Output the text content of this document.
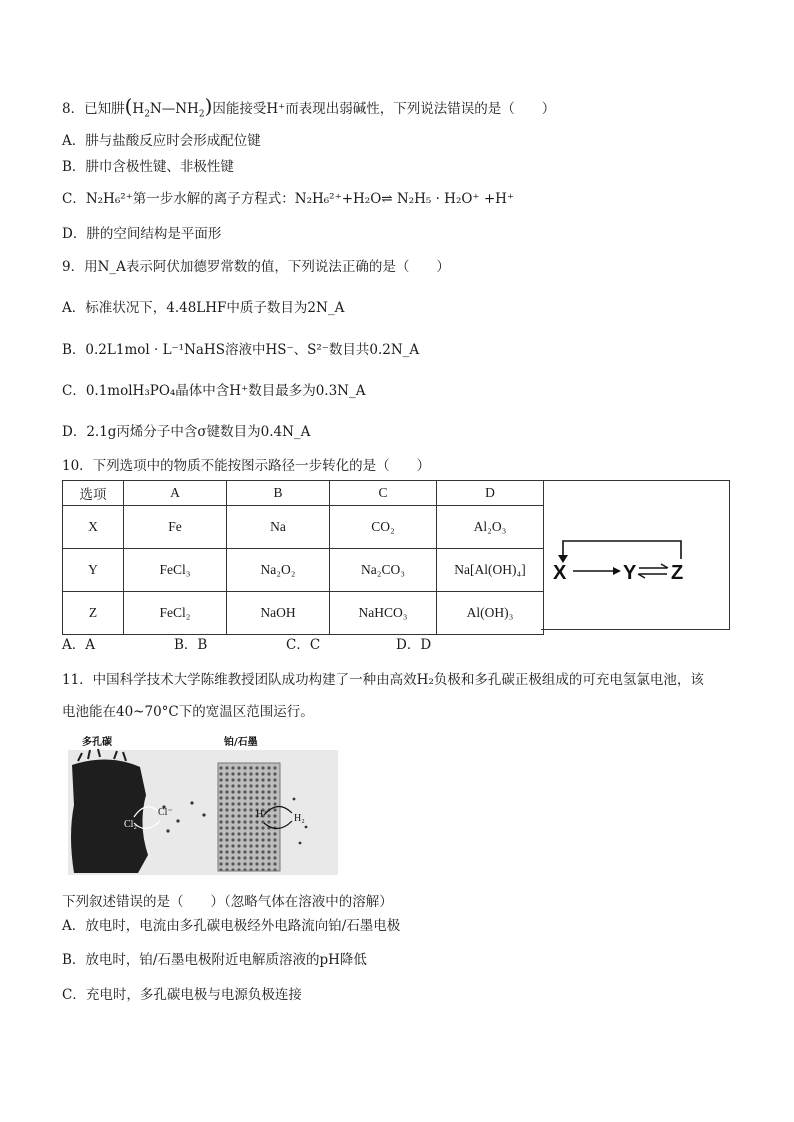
8．已知肼$(H_2N—NH_2)$因能接受H⁺而表现出弱碱性，下列说法错误的是（　　）
A．肼与盐酸反应时会形成配位键
B．肼巾含极性键、非极性键
C．N₂H₆²⁺第一步水解的离子方程式：N₂H₆²⁺+H₂O⇌ N₂H₅ · H₂O⁺ +H⁺
D．肼的空间结构是平面形
9．用N_A表示阿伏加德罗常数的值，下列说法正确的是（　　）
A．标准状况下，4.48LHF中质子数目为2N_A
B．0.2L1mol · L⁻¹NaHS溶液中HS⁻、S²⁻数目共0.2N_A
C．0.1molH₃PO₄晶体中含H⁺数目最多为0.3N_A
D．2.1g丙烯分子中含σ键数目为0.4N_A
10．下列选项中的物质不能按图示路径一步转化的是（　　）
选项	A	B	C	D
X	Fe	Na	CO₂	Al₂O₃
Y	FeCl₃	Na₂O₂	Na₂CO₃	Na[Al(OH)₄]
Z	FeCl₂	NaOH	NaHCO₃	Al(OH)₃
X	Y Z
A．A	B．B	C．C	D．D
11．中国科学技术大学陈维教授团队成功构建了一种由高效H₂负极和多孔碳正极组成的可充电氢氯电池，该
电池能在40~70°C下的宽温区范围运行。
多孔碳	铂/石墨
Cl₂
Cl⁻	H⁺	H₂
下列叙述错误的是（　　）（忽略气体在溶液中的溶解）
A．放电时，电流由多孔碳电极经外电路流向铂/石墨电极
B．放电时，铂/石墨电极附近电解质溶液的pH降低
C．充电时，多孔碳电极与电源负极连接
